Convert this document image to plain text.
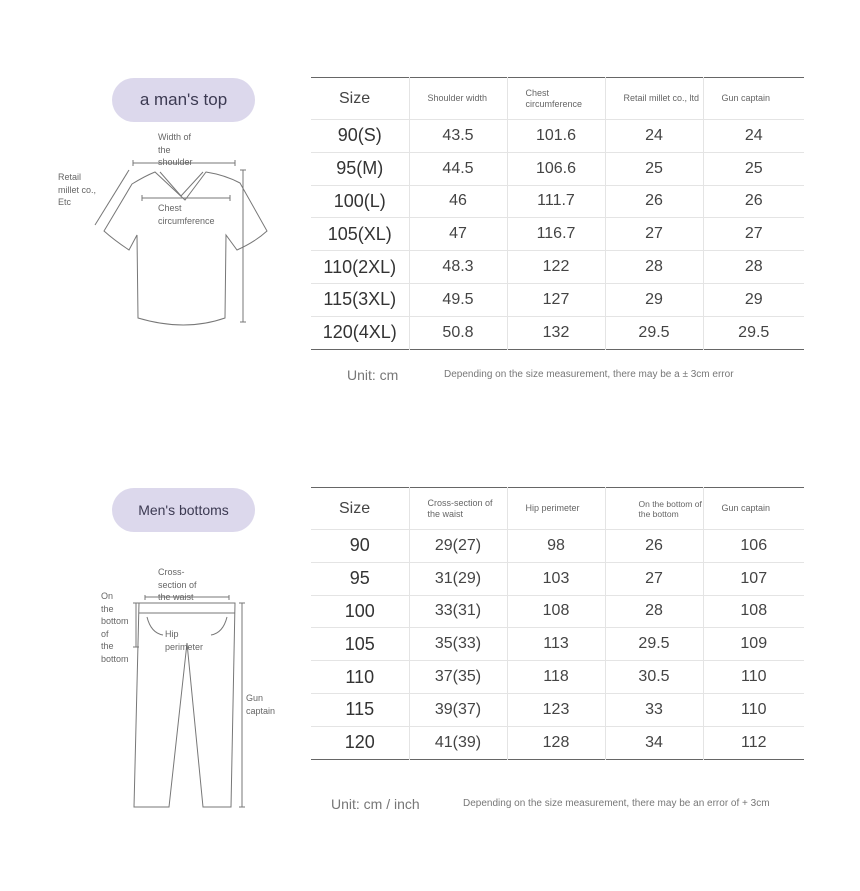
a man's top
Width of
the
shoulder
Retail
millet co.,
Etc
Chest
circumference
Size	Shoulder width	Chest circumference	Retail millet co., ltd	Gun captain
90(S)	43.5	101.6	24	24
95(M)	44.5	106.6	25	25
100(L)	46	111.7	26	26
105(XL)	47	116.7	27	27
110(2XL)	48.3	122	28	28
115(3XL)	49.5	127	29	29
120(4XL)	50.8	132	29.5	29.5
Unit: cm	Depending on the size measurement, there may be a ± 3cm error
Men's bottoms
Cross-
section of
the waist
On
the
bottom
of
the
bottom
Hip
perimeter
Gun
captain
Size	Cross-section of the waist	Hip perimeter	On the bottom of the bottom	Gun captain
90	29(27)	98	26	106
95	31(29)	103	27	107
100	33(31)	108	28	108
105	35(33)	113	29.5	109
110	37(35)	118	30.5	110
115	39(37)	123	33	110
120	41(39)	128	34	112
Unit: cm / inch	Depending on the size measurement, there may be an error of + 3cm
